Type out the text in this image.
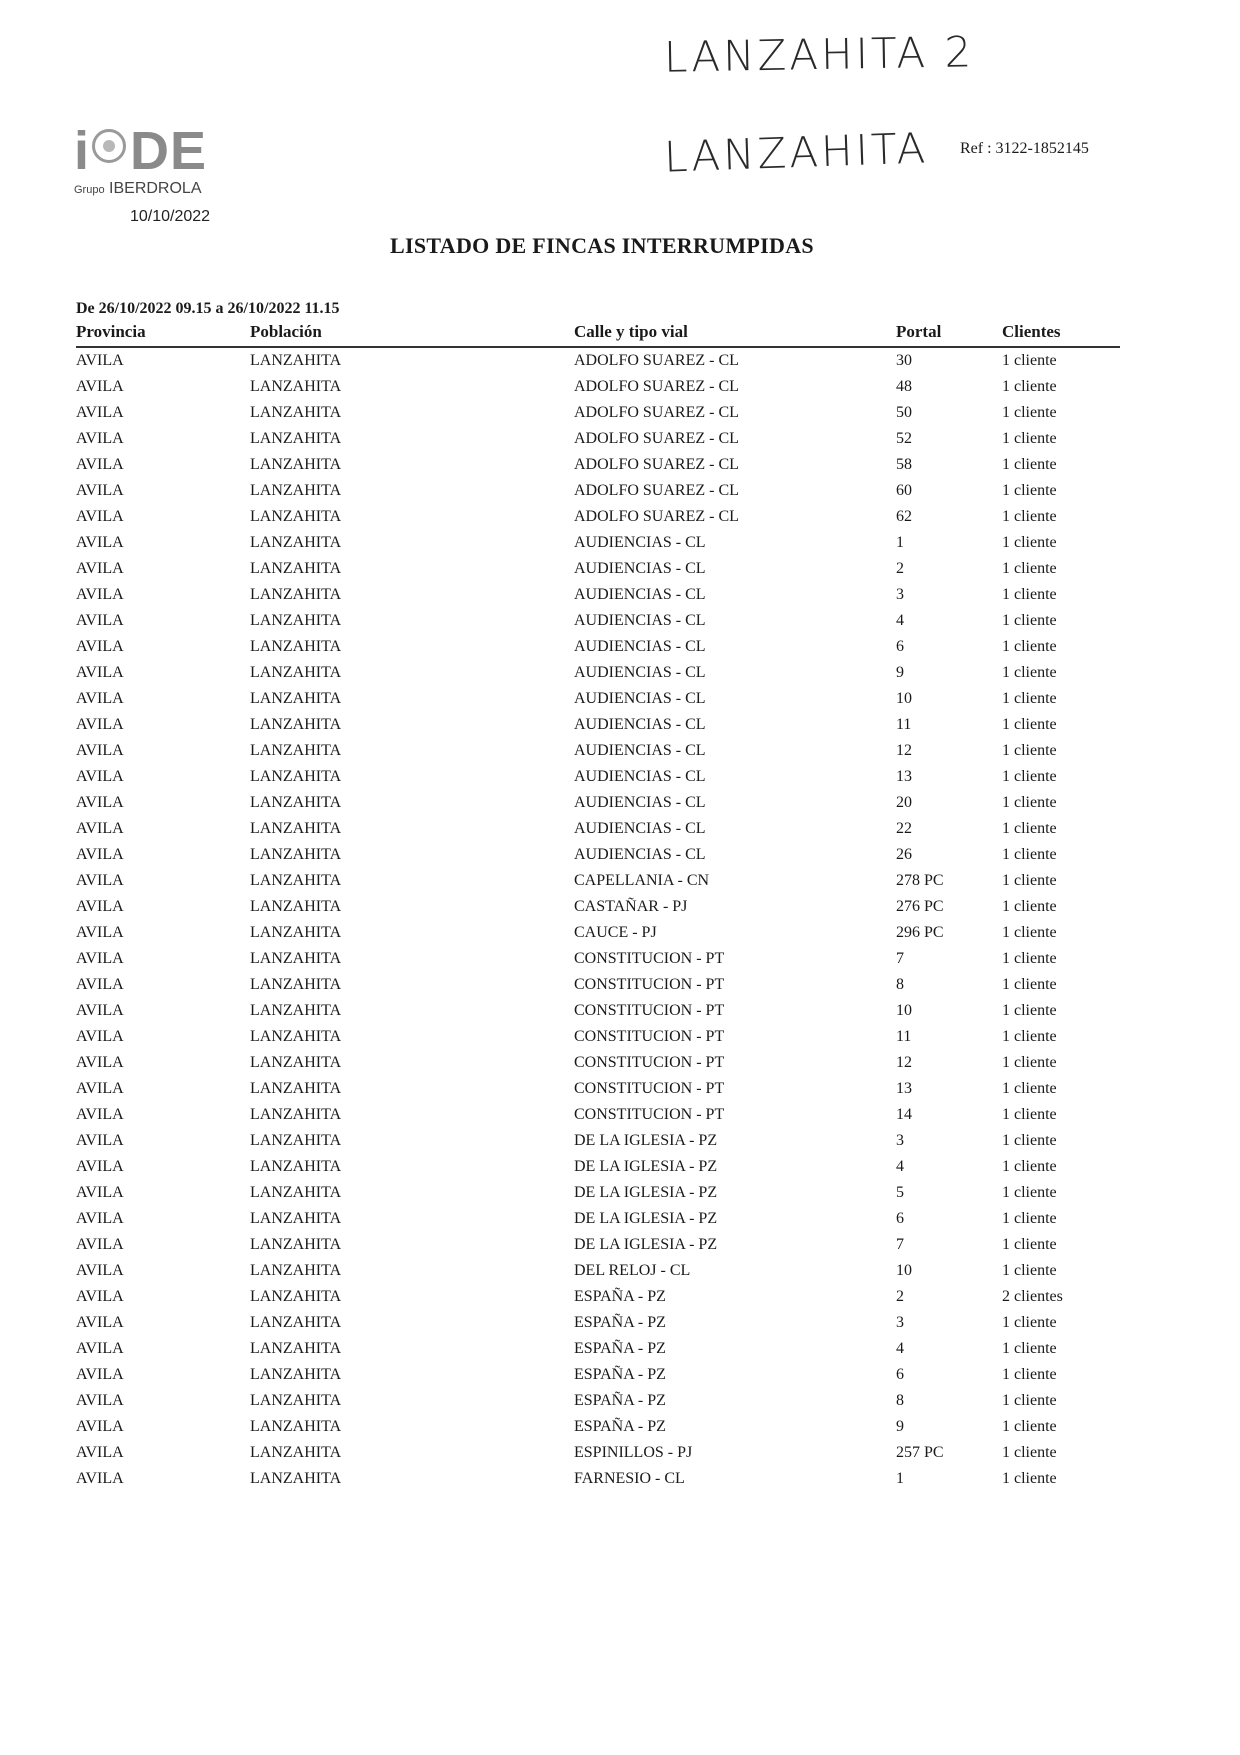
i DE
Grupo IBERDROLA
10/10/2022
LANZAHITA 2
LANZAHITA Ref : 3122-1852145
LISTADO DE FINCAS INTERRUMPIDAS
De 26/10/2022 09.15 a 26/10/2022 11.15
Provincia	Población	Calle y tipo vial	Portal	Clientes
AVILA	LANZAHITA	ADOLFO SUAREZ - CL	30	1 cliente
AVILA	LANZAHITA	ADOLFO SUAREZ - CL	48	1 cliente
AVILA	LANZAHITA	ADOLFO SUAREZ - CL	50	1 cliente
AVILA	LANZAHITA	ADOLFO SUAREZ - CL	52	1 cliente
AVILA	LANZAHITA	ADOLFO SUAREZ - CL	58	1 cliente
AVILA	LANZAHITA	ADOLFO SUAREZ - CL	60	1 cliente
AVILA	LANZAHITA	ADOLFO SUAREZ - CL	62	1 cliente
AVILA	LANZAHITA	AUDIENCIAS - CL	1	1 cliente
AVILA	LANZAHITA	AUDIENCIAS - CL	2	1 cliente
AVILA	LANZAHITA	AUDIENCIAS - CL	3	1 cliente
AVILA	LANZAHITA	AUDIENCIAS - CL	4	1 cliente
AVILA	LANZAHITA	AUDIENCIAS - CL	6	1 cliente
AVILA	LANZAHITA	AUDIENCIAS - CL	9	1 cliente
AVILA	LANZAHITA	AUDIENCIAS - CL	10	1 cliente
AVILA	LANZAHITA	AUDIENCIAS - CL	11	1 cliente
AVILA	LANZAHITA	AUDIENCIAS - CL	12	1 cliente
AVILA	LANZAHITA	AUDIENCIAS - CL	13	1 cliente
AVILA	LANZAHITA	AUDIENCIAS - CL	20	1 cliente
AVILA	LANZAHITA	AUDIENCIAS - CL	22	1 cliente
AVILA	LANZAHITA	AUDIENCIAS - CL	26	1 cliente
AVILA	LANZAHITA	CAPELLANIA - CN	278 PC	1 cliente
AVILA	LANZAHITA	CASTAÑAR - PJ	276 PC	1 cliente
AVILA	LANZAHITA	CAUCE - PJ	296 PC	1 cliente
AVILA	LANZAHITA	CONSTITUCION - PT	7	1 cliente
AVILA	LANZAHITA	CONSTITUCION - PT	8	1 cliente
AVILA	LANZAHITA	CONSTITUCION - PT	10	1 cliente
AVILA	LANZAHITA	CONSTITUCION - PT	11	1 cliente
AVILA	LANZAHITA	CONSTITUCION - PT	12	1 cliente
AVILA	LANZAHITA	CONSTITUCION - PT	13	1 cliente
AVILA	LANZAHITA	CONSTITUCION - PT	14	1 cliente
AVILA	LANZAHITA	DE LA IGLESIA - PZ	3	1 cliente
AVILA	LANZAHITA	DE LA IGLESIA - PZ	4	1 cliente
AVILA	LANZAHITA	DE LA IGLESIA - PZ	5	1 cliente
AVILA	LANZAHITA	DE LA IGLESIA - PZ	6	1 cliente
AVILA	LANZAHITA	DE LA IGLESIA - PZ	7	1 cliente
AVILA	LANZAHITA	DEL RELOJ - CL	10	1 cliente
AVILA	LANZAHITA	ESPAÑA - PZ	2	2 clientes
AVILA	LANZAHITA	ESPAÑA - PZ	3	1 cliente
AVILA	LANZAHITA	ESPAÑA - PZ	4	1 cliente
AVILA	LANZAHITA	ESPAÑA - PZ	6	1 cliente
AVILA	LANZAHITA	ESPAÑA - PZ	8	1 cliente
AVILA	LANZAHITA	ESPAÑA - PZ	9	1 cliente
AVILA	LANZAHITA	ESPINILLOS - PJ	257 PC	1 cliente
AVILA	LANZAHITA	FARNESIO - CL	1	1 cliente
